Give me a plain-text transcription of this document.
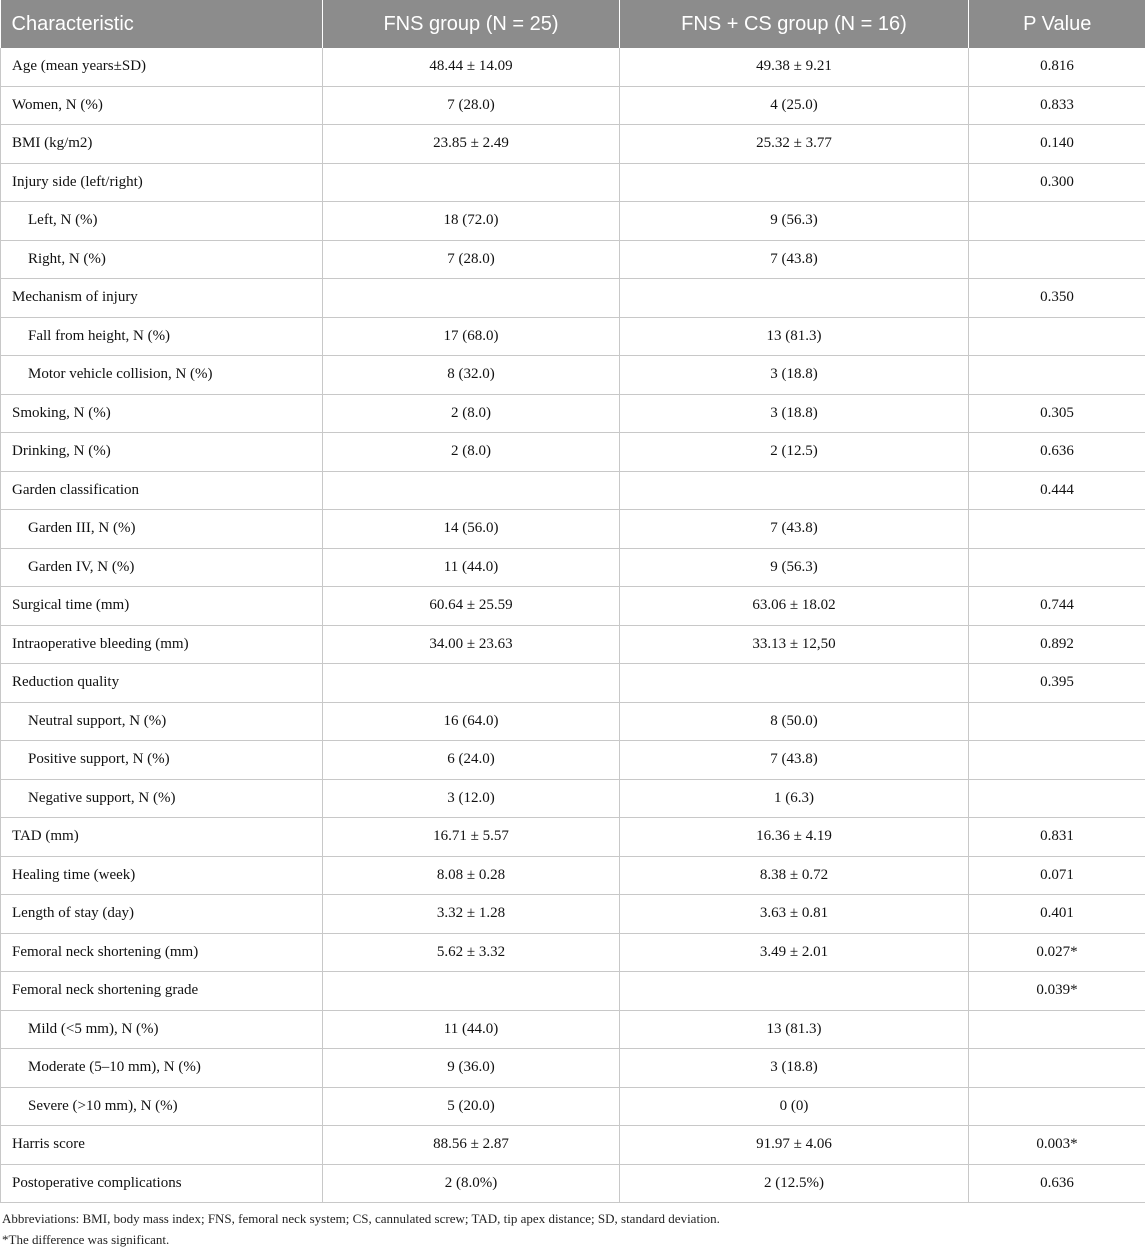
Characteristic	FNS group (N = 25)	FNS + CS group (N = 16)	P Value
Age (mean years±SD)	48.44 ± 14.09	49.38 ± 9.21	0.816
Women, N (%)	7 (28.0)	4 (25.0)	0.833
BMI (kg/m2)	23.85 ± 2.49	25.32 ± 3.77	0.140
Injury side (left/right)			0.300
Left, N (%)	18 (72.0)	9 (56.3)	
Right, N (%)	7 (28.0)	7 (43.8)	
Mechanism of injury			0.350
Fall from height, N (%)	17 (68.0)	13 (81.3)	
Motor vehicle collision, N (%)	8 (32.0)	3 (18.8)	
Smoking, N (%)	2 (8.0)	3 (18.8)	0.305
Drinking, N (%)	2 (8.0)	2 (12.5)	0.636
Garden classification			0.444
Garden III, N (%)	14 (56.0)	7 (43.8)	
Garden IV, N (%)	11 (44.0)	9 (56.3)	
Surgical time (mm)	60.64 ± 25.59	63.06 ± 18.02	0.744
Intraoperative bleeding (mm)	34.00 ± 23.63	33.13 ± 12,50	0.892
Reduction quality			0.395
Neutral support, N (%)	16 (64.0)	8 (50.0)	
Positive support, N (%)	6 (24.0)	7 (43.8)	
Negative support, N (%)	3 (12.0)	1 (6.3)	
TAD (mm)	16.71 ± 5.57	16.36 ± 4.19	0.831
Healing time (week)	8.08 ± 0.28	8.38 ± 0.72	0.071
Length of stay (day)	3.32 ± 1.28	3.63 ± 0.81	0.401
Femoral neck shortening (mm)	5.62 ± 3.32	3.49 ± 2.01	0.027*
Femoral neck shortening grade			0.039*
Mild (<5 mm), N (%)	11 (44.0)	13 (81.3)	
Moderate (5–10 mm), N (%)	9 (36.0)	3 (18.8)	
Severe (>10 mm), N (%)	5 (20.0)	0 (0)	
Harris score	88.56 ± 2.87	91.97 ± 4.06	0.003*
Postoperative complications	2 (8.0%)	2 (12.5%)	0.636
Abbreviations: BMI, body mass index; FNS, femoral neck system; CS, cannulated screw; TAD, tip apex distance; SD, standard deviation.
*The difference was significant.
